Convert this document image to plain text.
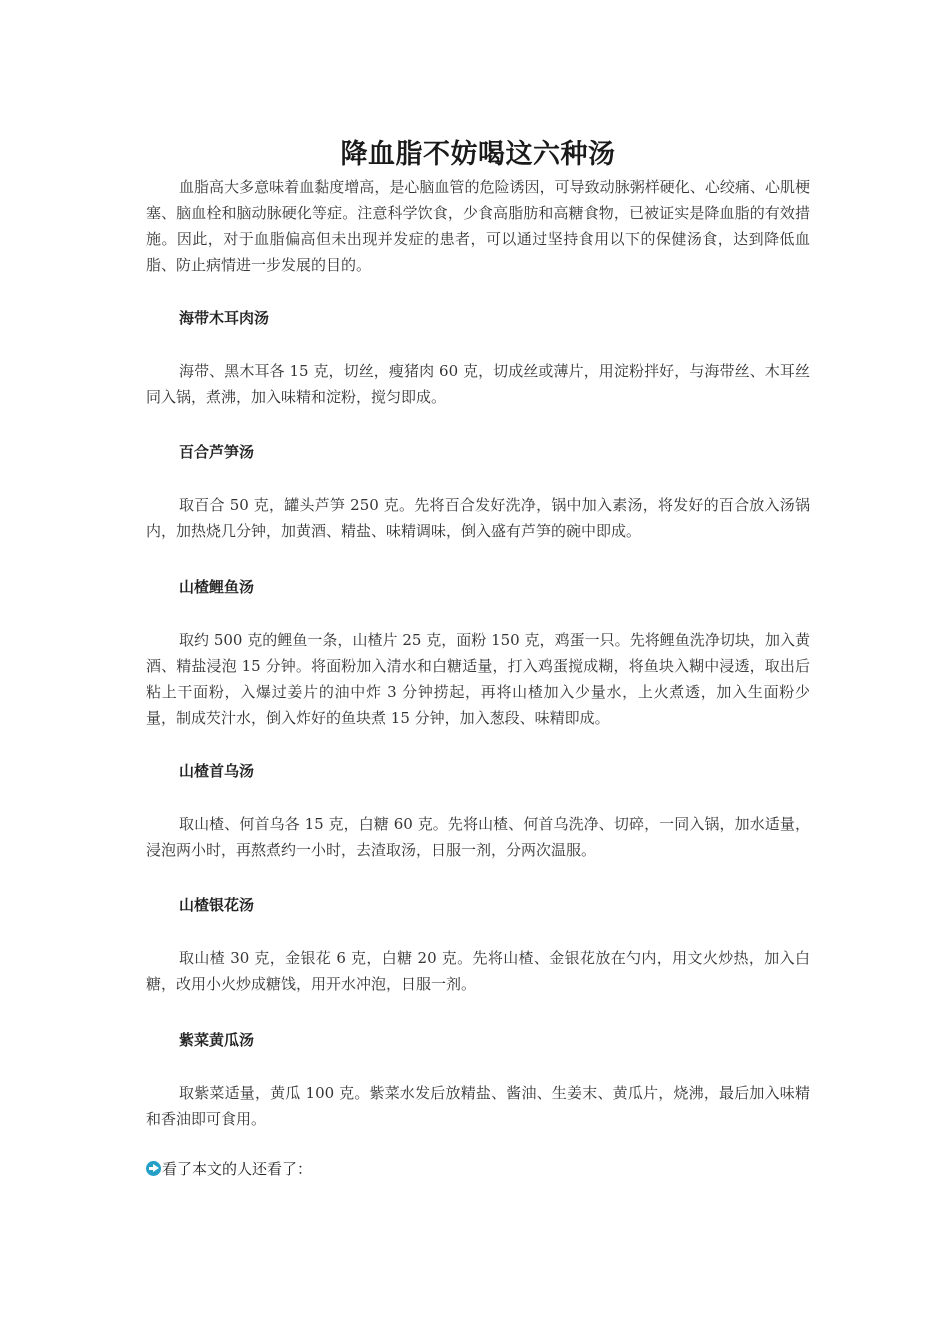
降血脂不妨喝这六种汤

血脂高大多意味着血黏度增高，是心脑血管的危险诱因，可导致动脉粥样硬化、心绞痛、心肌梗塞、脑血栓和脑动脉硬化等症。注意科学饮食，少食高脂肪和高糖食物，已被证实是降血脂的有效措施。因此，对于血脂偏高但未出现并发症的患者，可以通过坚持食用以下的保健汤食，达到降低血脂、防止病情进一步发展的目的。

海带木耳肉汤

海带、黑木耳各 15 克，切丝，瘦猪肉 60 克，切成丝或薄片，用淀粉拌好，与海带丝、木耳丝同入锅，煮沸，加入味精和淀粉，搅匀即成。

百合芦笋汤

取百合 50 克，罐头芦笋 250 克。先将百合发好洗净，锅中加入素汤，将发好的百合放入汤锅内，加热烧几分钟，加黄酒、精盐、味精调味，倒入盛有芦笋的碗中即成。

山楂鲤鱼汤

取约 500 克的鲤鱼一条，山楂片 25 克，面粉 150 克，鸡蛋一只。先将鲤鱼洗净切块，加入黄酒、精盐浸泡 15 分钟。将面粉加入清水和白糖适量，打入鸡蛋搅成糊，将鱼块入糊中浸透，取出后粘上干面粉，入爆过姜片的油中炸 3 分钟捞起，再将山楂加入少量水，上火煮透，加入生面粉少量，制成芡汁水，倒入炸好的鱼块煮 15 分钟，加入葱段、味精即成。

山楂首乌汤

取山楂、何首乌各 15 克，白糖 60 克。先将山楂、何首乌洗净、切碎，一同入锅，加水适量，浸泡两小时，再熬煮约一小时，去渣取汤，日服一剂，分两次温服。

山楂银花汤

取山楂 30 克，金银花 6 克，白糖 20 克。先将山楂、金银花放在勺内，用文火炒热，加入白糖，改用小火炒成糖饯，用开水冲泡，日服一剂。

紫菜黄瓜汤

取紫菜适量，黄瓜 100 克。紫菜水发后放精盐、酱油、生姜末、黄瓜片，烧沸，最后加入味精和香油即可食用。

看了本文的人还看了：
